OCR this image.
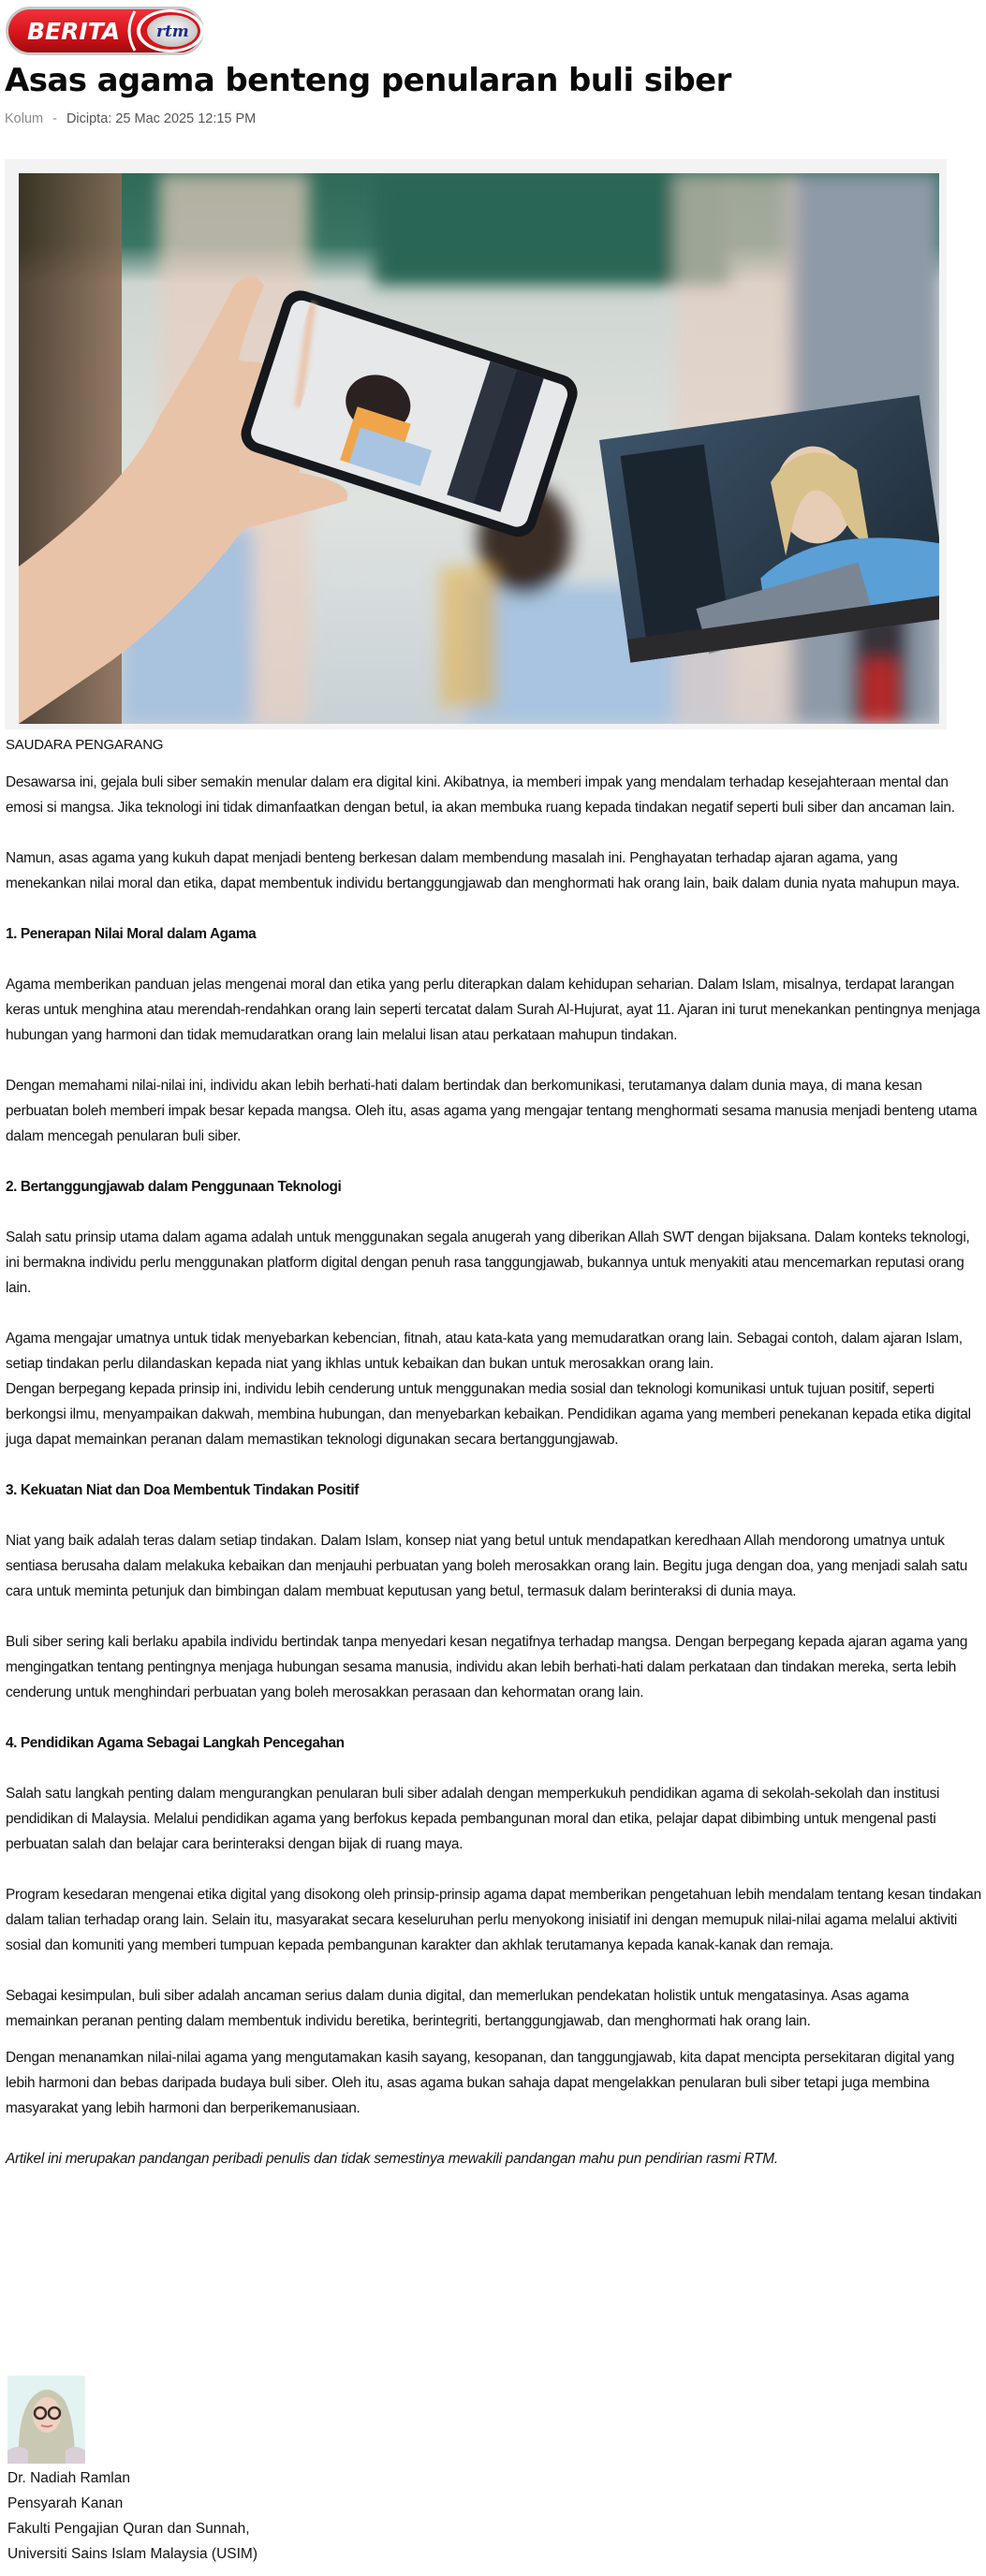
BERITA rtm
Asas agama benteng penularan buli siber
Kolum - Dicipta: 25 Mac 2025 12:15 PM
SAUDARA PENGARANG

Desawarsa ini, gejala buli siber semakin menular dalam era digital kini. Akibatnya, ia memberi impak yang mendalam terhadap kesejahteraan mental dan emosi si mangsa. Jika teknologi ini tidak dimanfaatkan dengan betul, ia akan membuka ruang kepada tindakan negatif seperti buli siber dan ancaman lain.

Namun, asas agama yang kukuh dapat menjadi benteng berkesan dalam membendung masalah ini. Penghayatan terhadap ajaran agama, yang menekankan nilai moral dan etika, dapat membentuk individu bertanggungjawab dan menghormati hak orang lain, baik dalam dunia nyata mahupun maya.

1. Penerapan Nilai Moral dalam Agama

Agama memberikan panduan jelas mengenai moral dan etika yang perlu diterapkan dalam kehidupan seharian. Dalam Islam, misalnya, terdapat larangan keras untuk menghina atau merendah-rendahkan orang lain seperti tercatat dalam Surah Al-Hujurat, ayat 11. Ajaran ini turut menekankan pentingnya menjaga hubungan yang harmoni dan tidak memudaratkan orang lain melalui lisan atau perkataan mahupun tindakan.

Dengan memahami nilai-nilai ini, individu akan lebih berhati-hati dalam bertindak dan berkomunikasi, terutamanya dalam dunia maya, di mana kesan perbuatan boleh memberi impak besar kepada mangsa. Oleh itu, asas agama yang mengajar tentang menghormati sesama manusia menjadi benteng utama dalam mencegah penularan buli siber.

2. Bertanggungjawab dalam Penggunaan Teknologi

Salah satu prinsip utama dalam agama adalah untuk menggunakan segala anugerah yang diberikan Allah SWT dengan bijaksana. Dalam konteks teknologi, ini bermakna individu perlu menggunakan platform digital dengan penuh rasa tanggungjawab, bukannya untuk menyakiti atau mencemarkan reputasi orang lain.

Agama mengajar umatnya untuk tidak menyebarkan kebencian, fitnah, atau kata-kata yang memudaratkan orang lain. Sebagai contoh, dalam ajaran Islam, setiap tindakan perlu dilandaskan kepada niat yang ikhlas untuk kebaikan dan bukan untuk merosakkan orang lain.

Dengan berpegang kepada prinsip ini, individu lebih cenderung untuk menggunakan media sosial dan teknologi komunikasi untuk tujuan positif, seperti berkongsi ilmu, menyampaikan dakwah, membina hubungan, dan menyebarkan kebaikan. Pendidikan agama yang memberi penekanan kepada etika digital juga dapat memainkan peranan dalam memastikan teknologi digunakan secara bertanggungjawab.

3. Kekuatan Niat dan Doa Membentuk Tindakan Positif

Niat yang baik adalah teras dalam setiap tindakan. Dalam Islam, konsep niat yang betul untuk mendapatkan keredhaan Allah mendorong umatnya untuk sentiasa berusaha dalam melakuka kebaikan dan menjauhi perbuatan yang boleh merosakkan orang lain. Begitu juga dengan doa, yang menjadi salah satu cara untuk meminta petunjuk dan bimbingan dalam membuat keputusan yang betul, termasuk dalam berinteraksi di dunia maya.

Buli siber sering kali berlaku apabila individu bertindak tanpa menyedari kesan negatifnya terhadap mangsa. Dengan berpegang kepada ajaran agama yang mengingatkan tentang pentingnya menjaga hubungan sesama manusia, individu akan lebih berhati-hati dalam perkataan dan tindakan mereka, serta lebih cenderung untuk menghindari perbuatan yang boleh merosakkan perasaan dan kehormatan orang lain.

4. Pendidikan Agama Sebagai Langkah Pencegahan

Salah satu langkah penting dalam mengurangkan penularan buli siber adalah dengan memperkukuh pendidikan agama di sekolah-sekolah dan institusi pendidikan di Malaysia. Melalui pendidikan agama yang berfokus kepada pembangunan moral dan etika, pelajar dapat dibimbing untuk mengenal pasti perbuatan salah dan belajar cara berinteraksi dengan bijak di ruang maya.

Program kesedaran mengenai etika digital yang disokong oleh prinsip-prinsip agama dapat memberikan pengetahuan lebih mendalam tentang kesan tindakan dalam talian terhadap orang lain. Selain itu, masyarakat secara keseluruhan perlu menyokong inisiatif ini dengan memupuk nilai-nilai agama melalui aktiviti sosial dan komuniti yang memberi tumpuan kepada pembangunan karakter dan akhlak terutamanya kepada kanak-kanak dan remaja.

Sebagai kesimpulan, buli siber adalah ancaman serius dalam dunia digital, dan memerlukan pendekatan holistik untuk mengatasinya. Asas agama memainkan peranan penting dalam membentuk individu beretika, berintegriti, bertanggungjawab, dan menghormati hak orang lain.

Dengan menanamkan nilai-nilai agama yang mengutamakan kasih sayang, kesopanan, dan tanggungjawab, kita dapat mencipta persekitaran digital yang lebih harmoni dan bebas daripada budaya buli siber. Oleh itu, asas agama bukan sahaja dapat mengelakkan penularan buli siber tetapi juga membina masyarakat yang lebih harmoni dan berperikemanusiaan.

Artikel ini merupakan pandangan peribadi penulis dan tidak semestinya mewakili pandangan mahu pun pendirian rasmi RTM.

Dr. Nadiah Ramlan
Pensyarah Kanan
Fakulti Pengajian Quran dan Sunnah,
Universiti Sains Islam Malaysia (USIM)
